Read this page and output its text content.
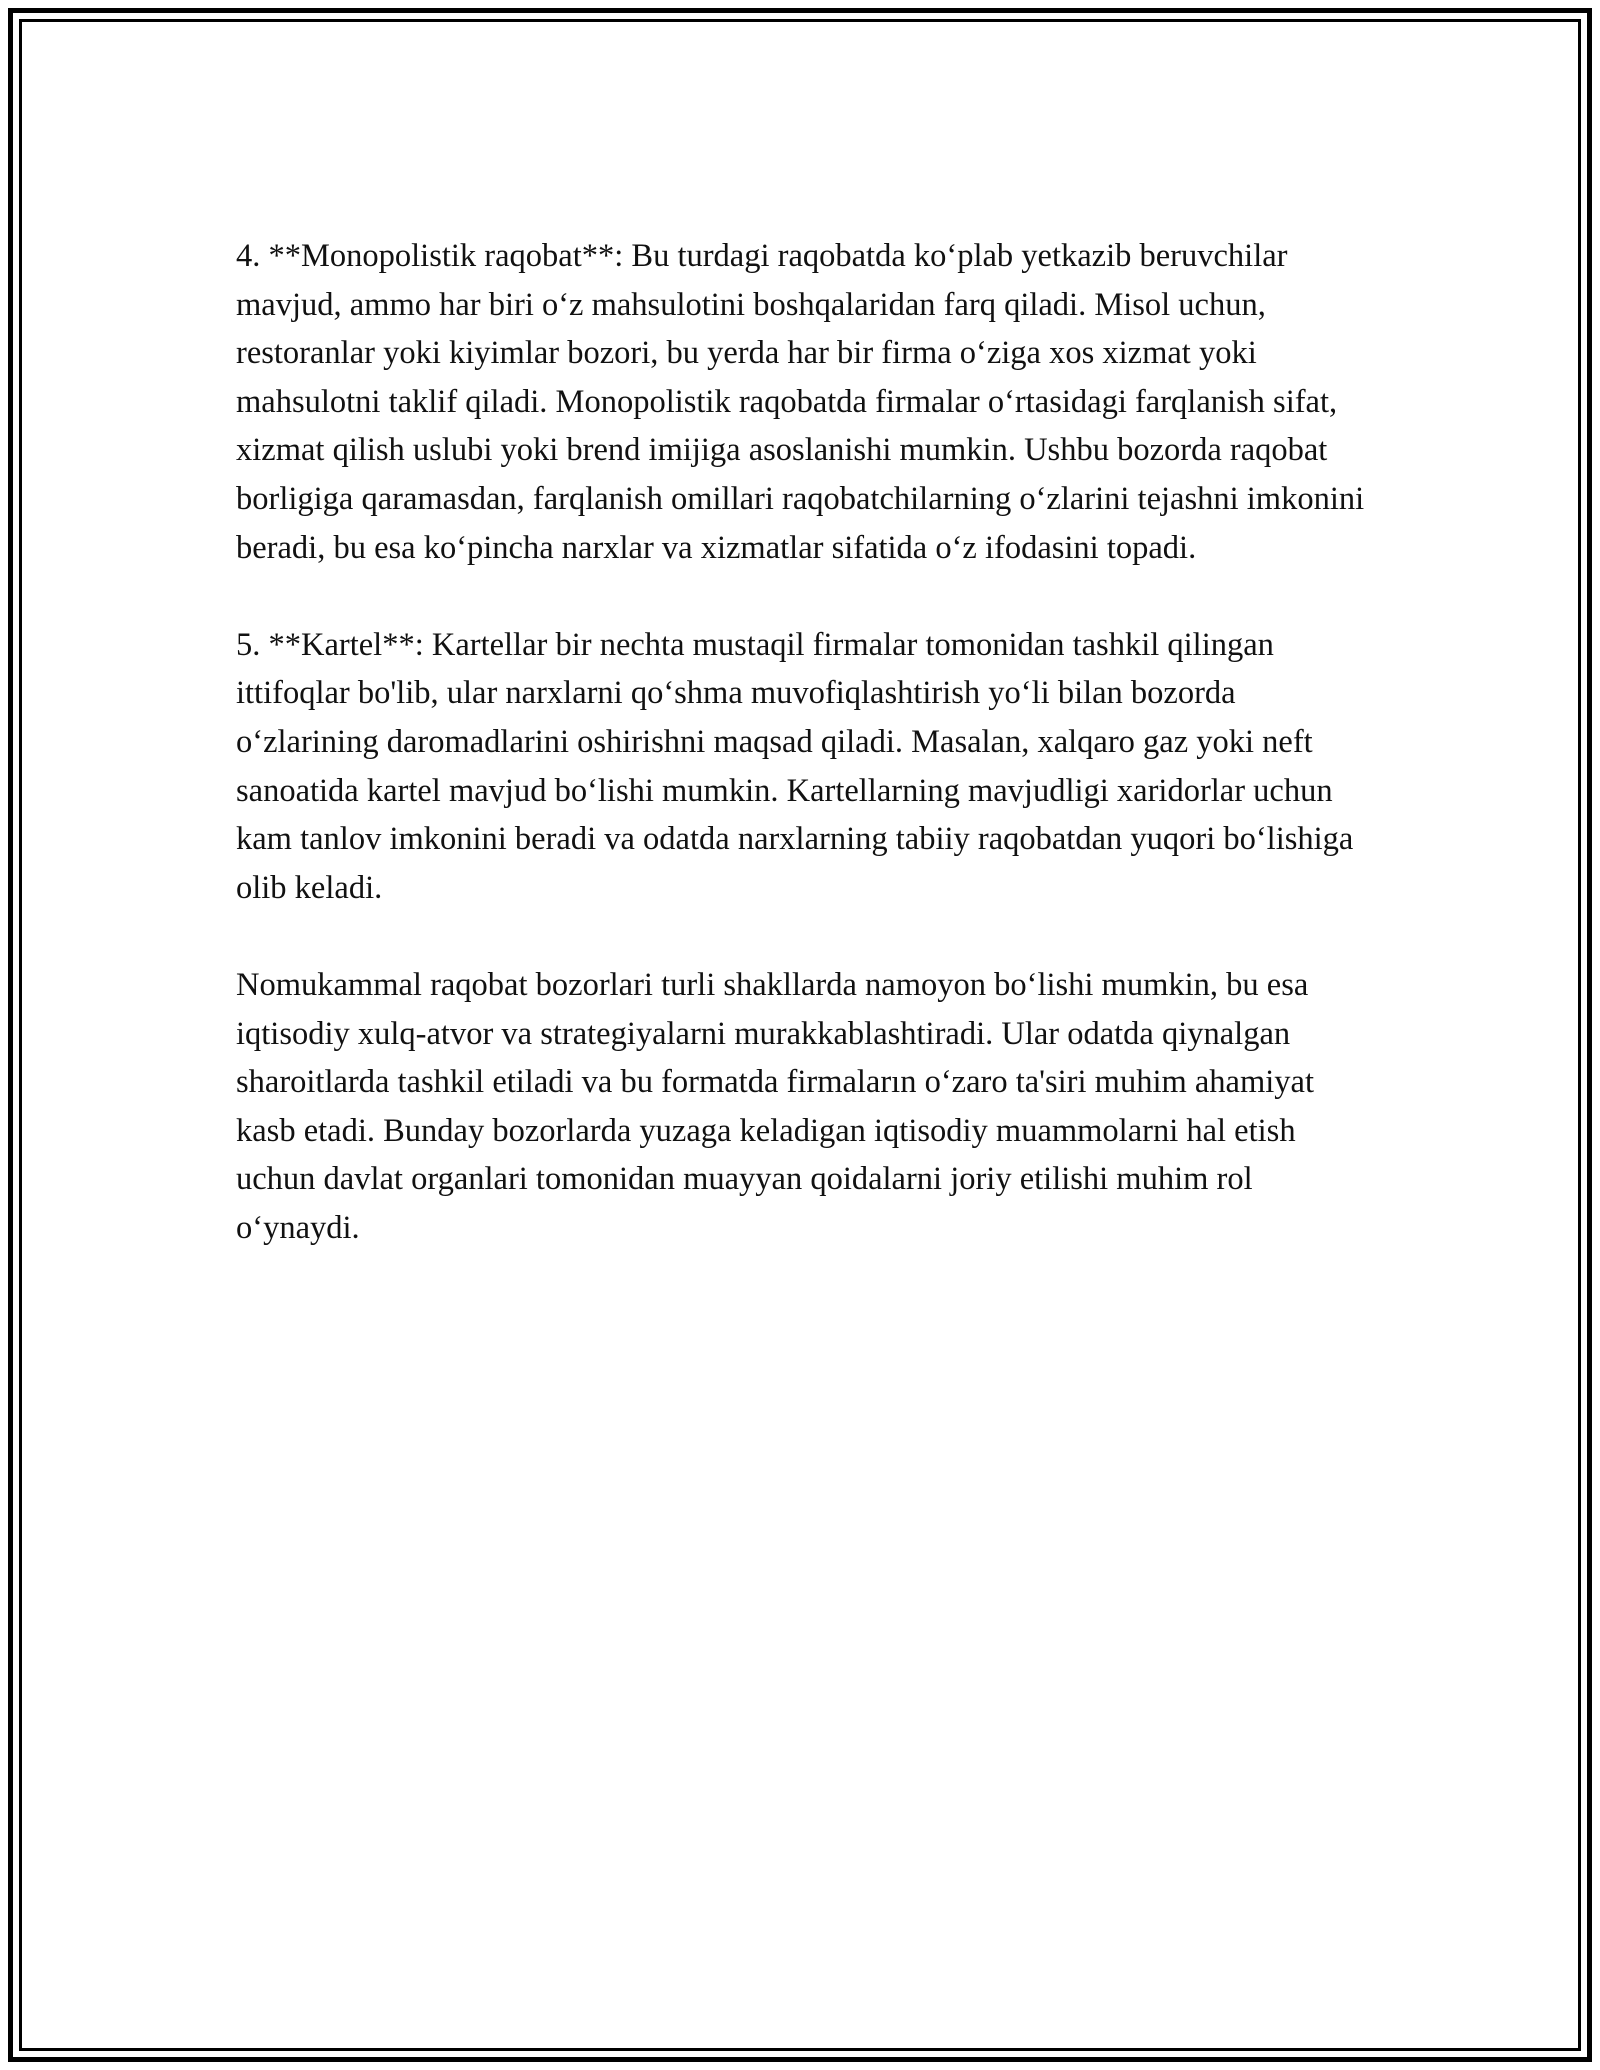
4. **Monopolistik raqobat**: Bu turdagi raqobatda ko‘plab yetkazib beruvchilar mavjud, ammo har biri o‘z mahsulotini boshqalaridan farq qiladi. Misol uchun, restoranlar yoki kiyimlar bozori, bu yerda har bir firma o‘ziga xos xizmat yoki mahsulotni taklif qiladi. Monopolistik raqobatda firmalar o‘rtasidagi farqlanish sifat, xizmat qilish uslubi yoki brend imijiga asoslanishi mumkin. Ushbu bozorda raqobat borligiga qaramasdan, farqlanish omillari raqobatchilarning o‘zlarini tejashni imkonini beradi, bu esa ko‘pincha narxlar va xizmatlar sifatida o‘z ifodasini topadi.

5. **Kartel**: Kartellar bir nechta mustaqil firmalar tomonidan tashkil qilingan ittifoqlar bo'lib, ular narxlarni qo‘shma muvofiqlashtirish yo‘li bilan bozorda o‘zlarining daromadlarini oshirishni maqsad qiladi. Masalan, xalqaro gaz yoki neft sanoatida kartel mavjud bo‘lishi mumkin. Kartellarning mavjudligi xaridorlar uchun kam tanlov imkonini beradi va odatda narxlarning tabiiy raqobatdan yuqori bo‘lishiga olib keladi.

Nomukammal raqobat bozorlari turli shakllarda namoyon bo‘lishi mumkin, bu esa iqtisodiy xulq-atvor va strategiyalarni murakkablashtiradi. Ular odatda qiynalgan sharoitlarda tashkil etiladi va bu formatda firmaların o‘zaro ta'siri muhim ahamiyat kasb etadi. Bunday bozorlarda yuzaga keladigan iqtisodiy muammolarni hal etish uchun davlat organlari tomonidan muayyan qoidalarni joriy etilishi muhim rol o‘ynaydi.
